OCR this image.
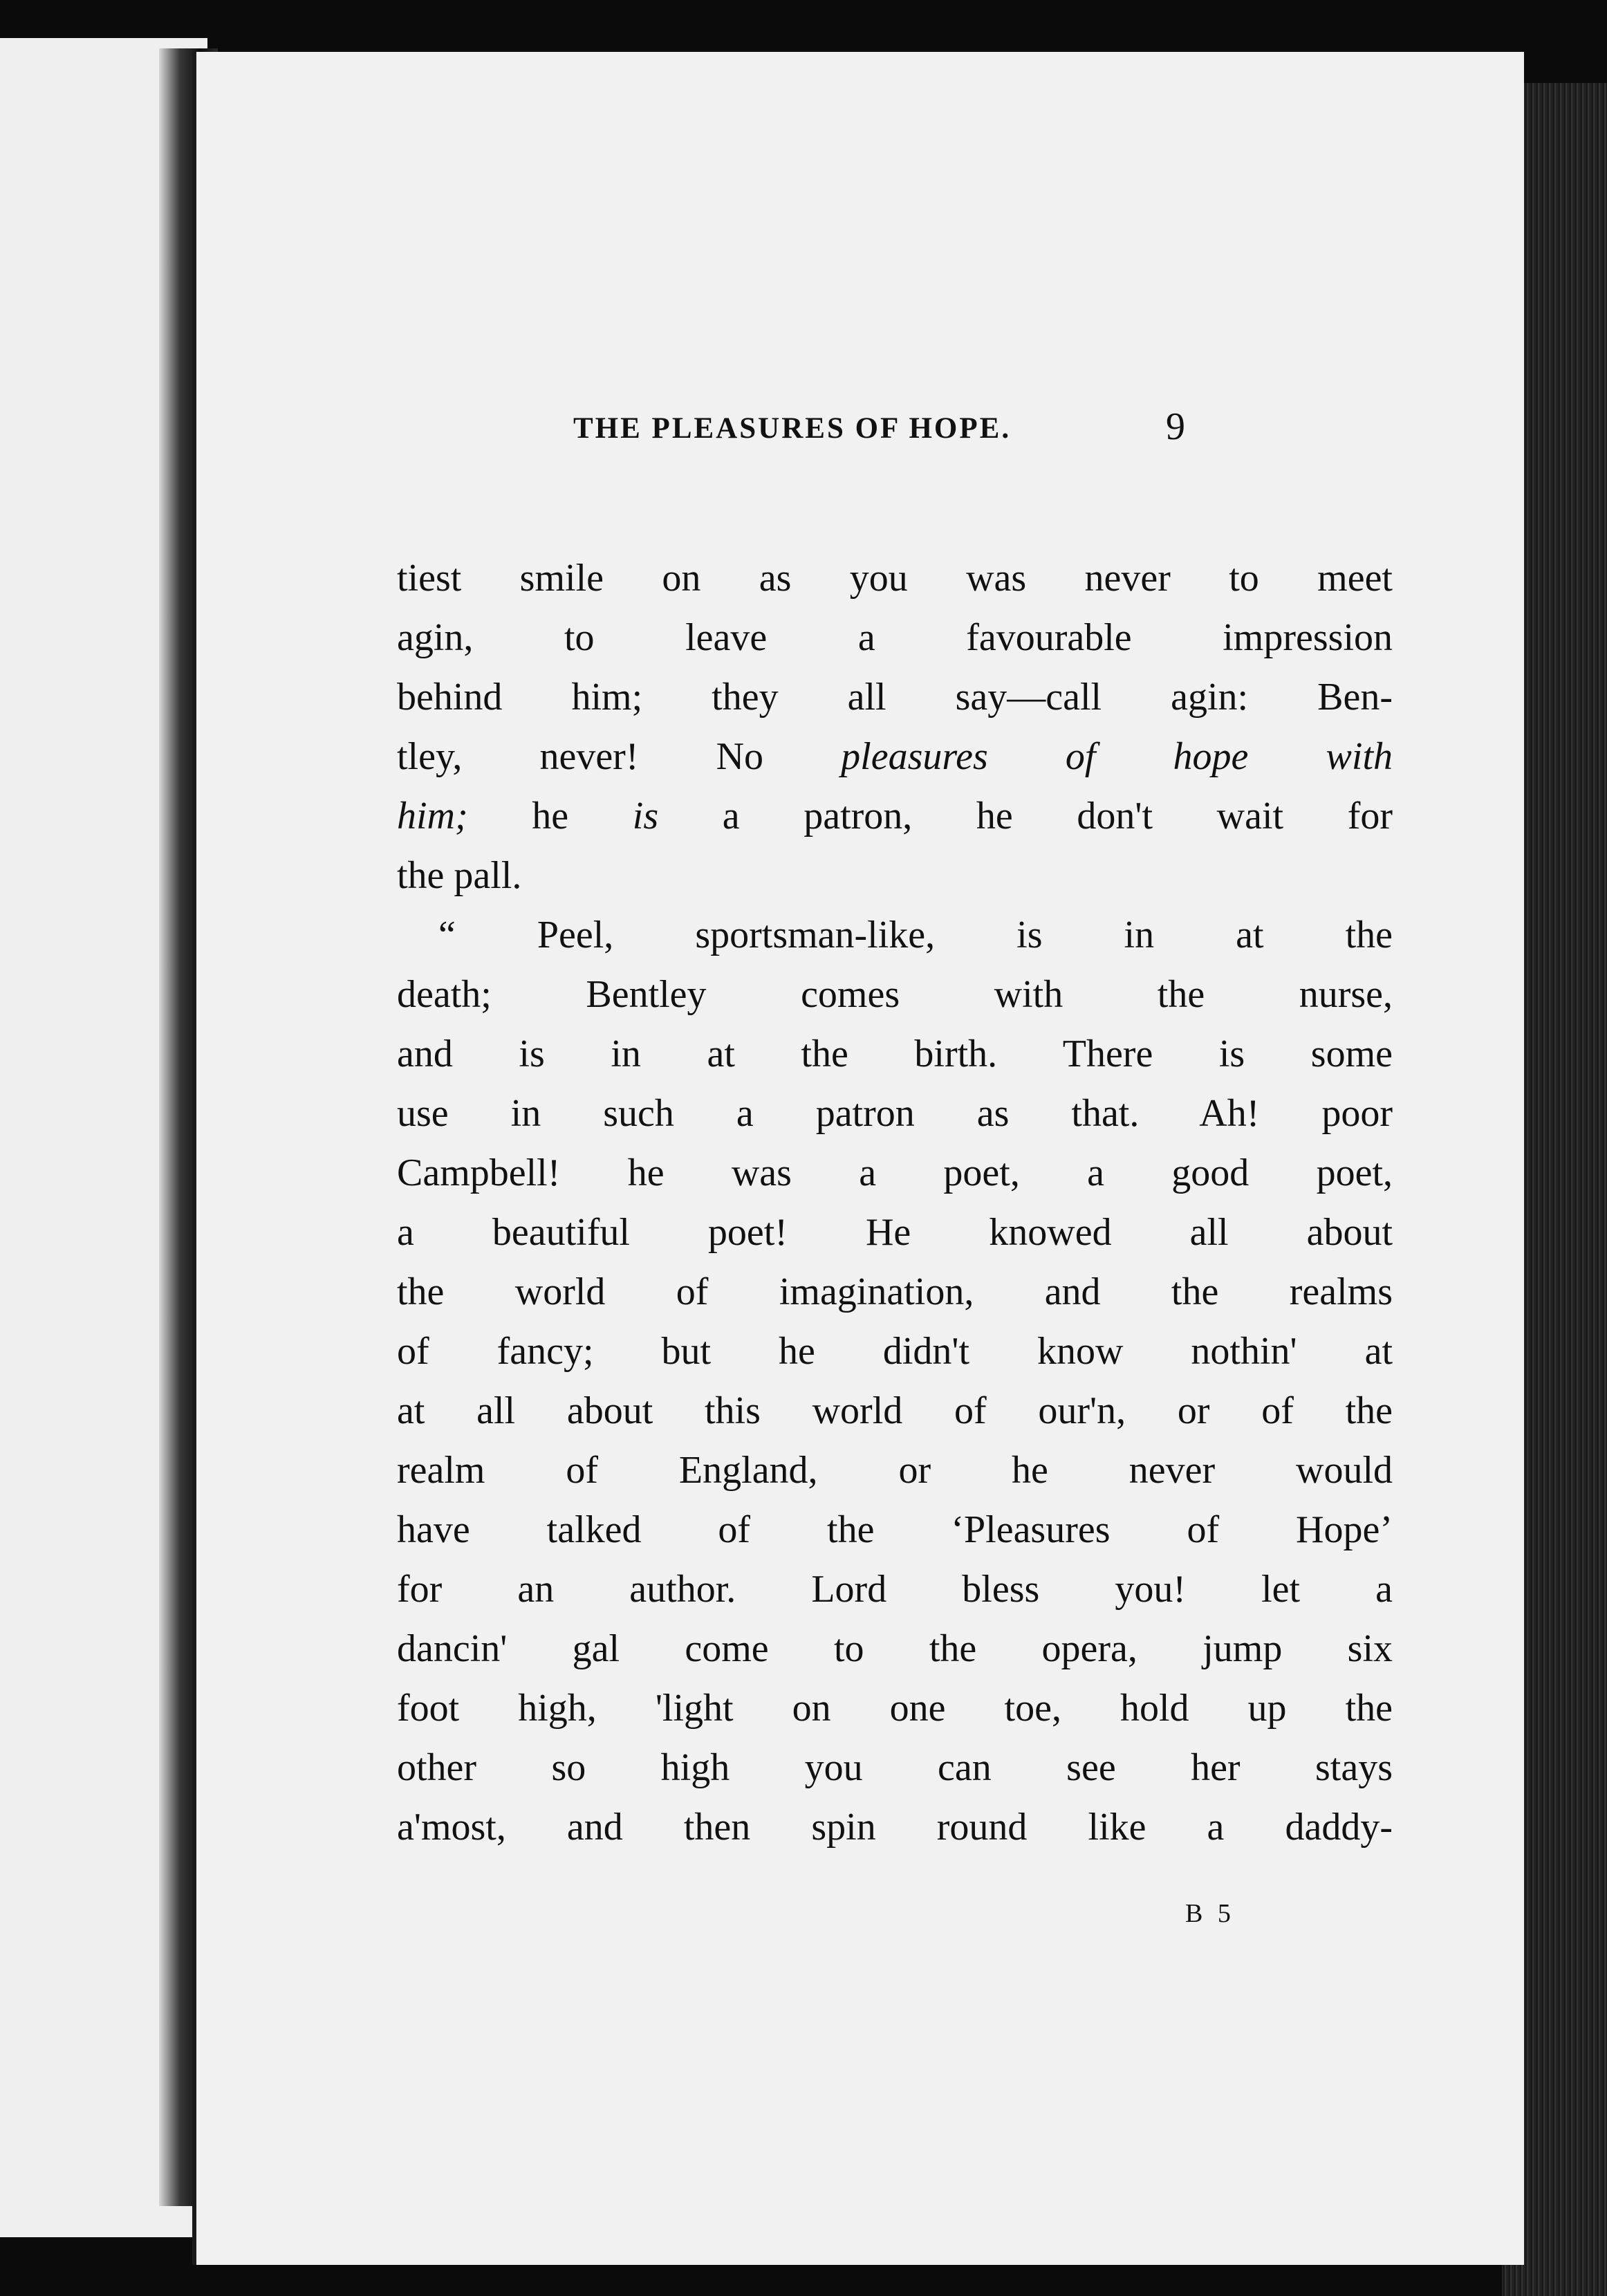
THE PLEASURES OF HOPE.	9
tiest smile on as you was never to meet
agin, to leave a favourable impression
behind him; they all say—call agin: Ben-
tley, never! No pleasures of hope with
him; he is a patron, he don't wait for
the pall.
“ Peel, sportsman-like, is in at the
death; Bentley comes with the nurse,
and is in at the birth. There is some
use in such a patron as that. Ah! poor
Campbell! he was a poet, a good poet,
a beautiful poet! He knowed all about
the world of imagination, and the realms
of fancy; but he didn't know nothin' at
at all about this world of our'n, or of the
realm of England, or he never would
have talked of the ‘Pleasures of Hope’
for an author. Lord bless you! let a
dancin' gal come to the opera, jump six
foot high, 'light on one toe, hold up the
other so high you can see her stays
a'most, and then spin round like a daddy-
B 5
